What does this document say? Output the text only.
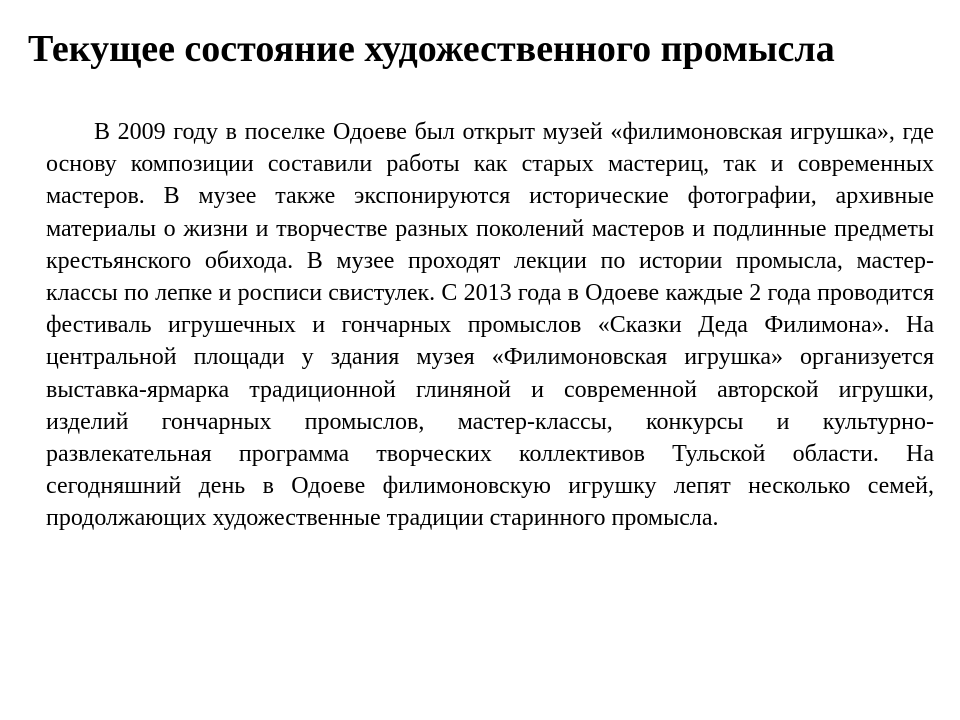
Текущее состояние художественного промысла

В 2009 году в поселке Одоеве был открыт музей «филимоновская игрушка», где основу композиции составили работы как старых мастериц, так и современных мастеров. В музее также экспонируются исторические фотографии, архивные материалы о жизни и творчестве разных поколений мастеров и подлинные предметы крестьянского обихода. В музее проходят лекции по истории промысла, мастер-классы по лепке и росписи свистулек. С 2013 года в Одоеве каждые 2 года проводится фестиваль игрушечных и гончарных промыслов «Сказки Деда Филимона». На центральной площади у здания музея «Филимоновская игрушка» организуется выставка-ярмарка традиционной глиняной и современной авторской игрушки, изделий гончарных промыслов, мастер-классы, конкурсы и культурно-развлекательная программа творческих коллективов Тульской области. На сегодняшний день в Одоеве филимоновскую игрушку лепят несколько семей, продолжающих художественные традиции старинного промысла.
